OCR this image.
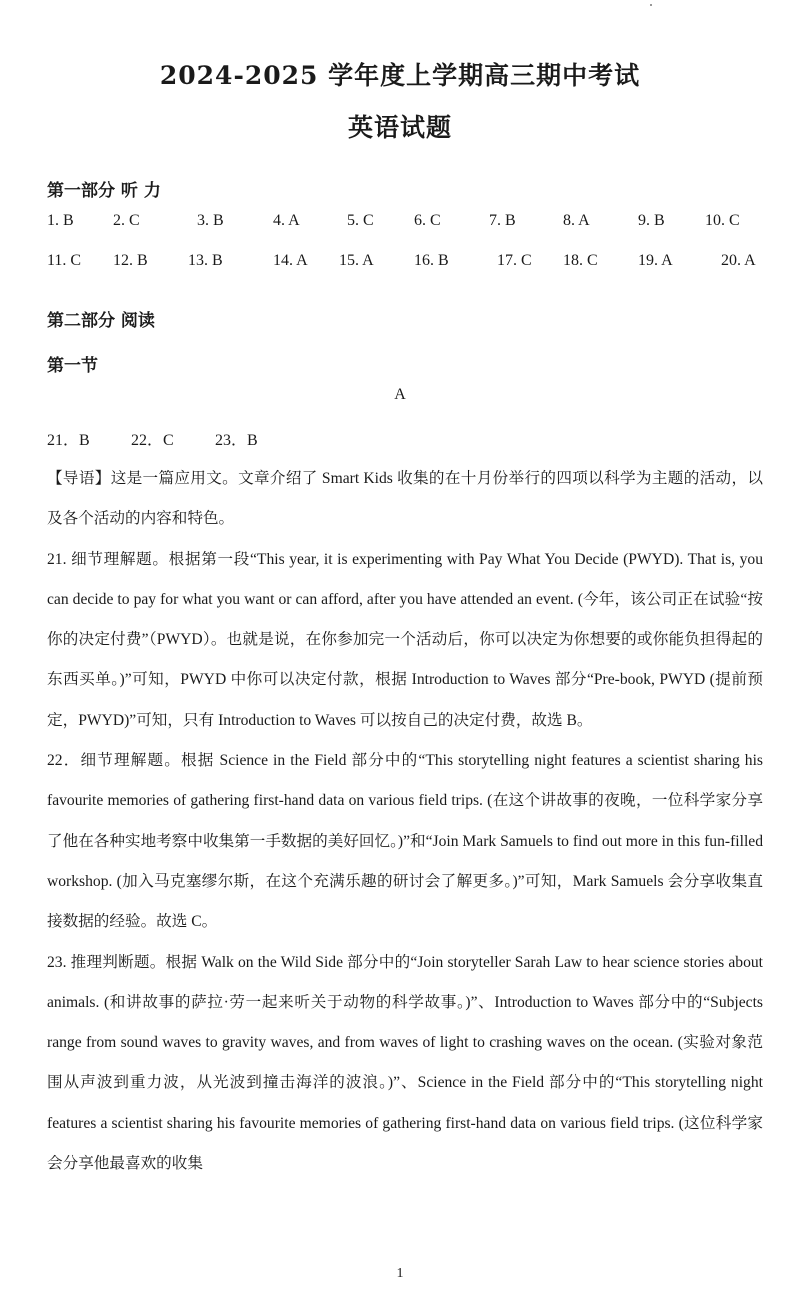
2024-2025 学年度上学期高三期中考试
英语试题
第一部分 听 力
1. B 2. C	3. B	4. A	5. C	6. C	7. B	8. A	9. B	10. C
11. C 12. B	13. B	14. A 15. A	16. B	17. C 18. C	19. A	20. A
第二部分 阅读
第一节
A
21．B	22．C	23．B

【导语】这是一篇应用文。文章介绍了 Smart Kids 收集的在十月份举行的四项以科学为主题的活动，以及各个活动的内容和特色。

21. 细节理解题。根据第一段“This year, it is experimenting with Pay What You Decide (PWYD). That is, you can decide to pay for what you want or can afford, after you have attended an event. (今年，该公司正在试验“按你的决定付费”（PWYD）。也就是说，在你参加完一个活动后，你可以决定为你想要的或你能负担得起的东西买单。)”可知，PWYD 中你可以决定付款，根据 Introduction to Waves 部分“Pre-book, PWYD (提前预定，PWYD)”可知，只有 Introduction to Waves 可以按自己的决定付费，故选 B。

22．细节理解题。根据 Science in the Field 部分中的“This storytelling night features a scientist sharing his favourite memories of gathering first-hand data on various field trips. (在这个讲故事的夜晚，一位科学家分享了他在各种实地考察中收集第一手数据的美好回忆。)”和“Join Mark Samuels to find out more in this fun-filled workshop. (加入马克塞缪尔斯，在这个充满乐趣的研讨会了解更多。)”可知，Mark Samuels 会分享收集直接数据的经验。故选 C。

23. 推理判断题。根据 Walk on the Wild Side 部分中的“Join storyteller Sarah Law to hear science stories about animals. (和讲故事的萨拉·劳一起来听关于动物的科学故事。)”、Introduction to Waves 部分中的“Subjects range from sound waves to gravity waves, and from waves of light to crashing waves on the ocean. (实验对象范围从声波到重力波，从光波到撞击海洋的波浪。)”、Science in the Field 部分中的“This storytelling night features a scientist sharing his favourite memories of gathering first-hand data on various field trips. (这位科学家会分享他最喜欢的收集

1
